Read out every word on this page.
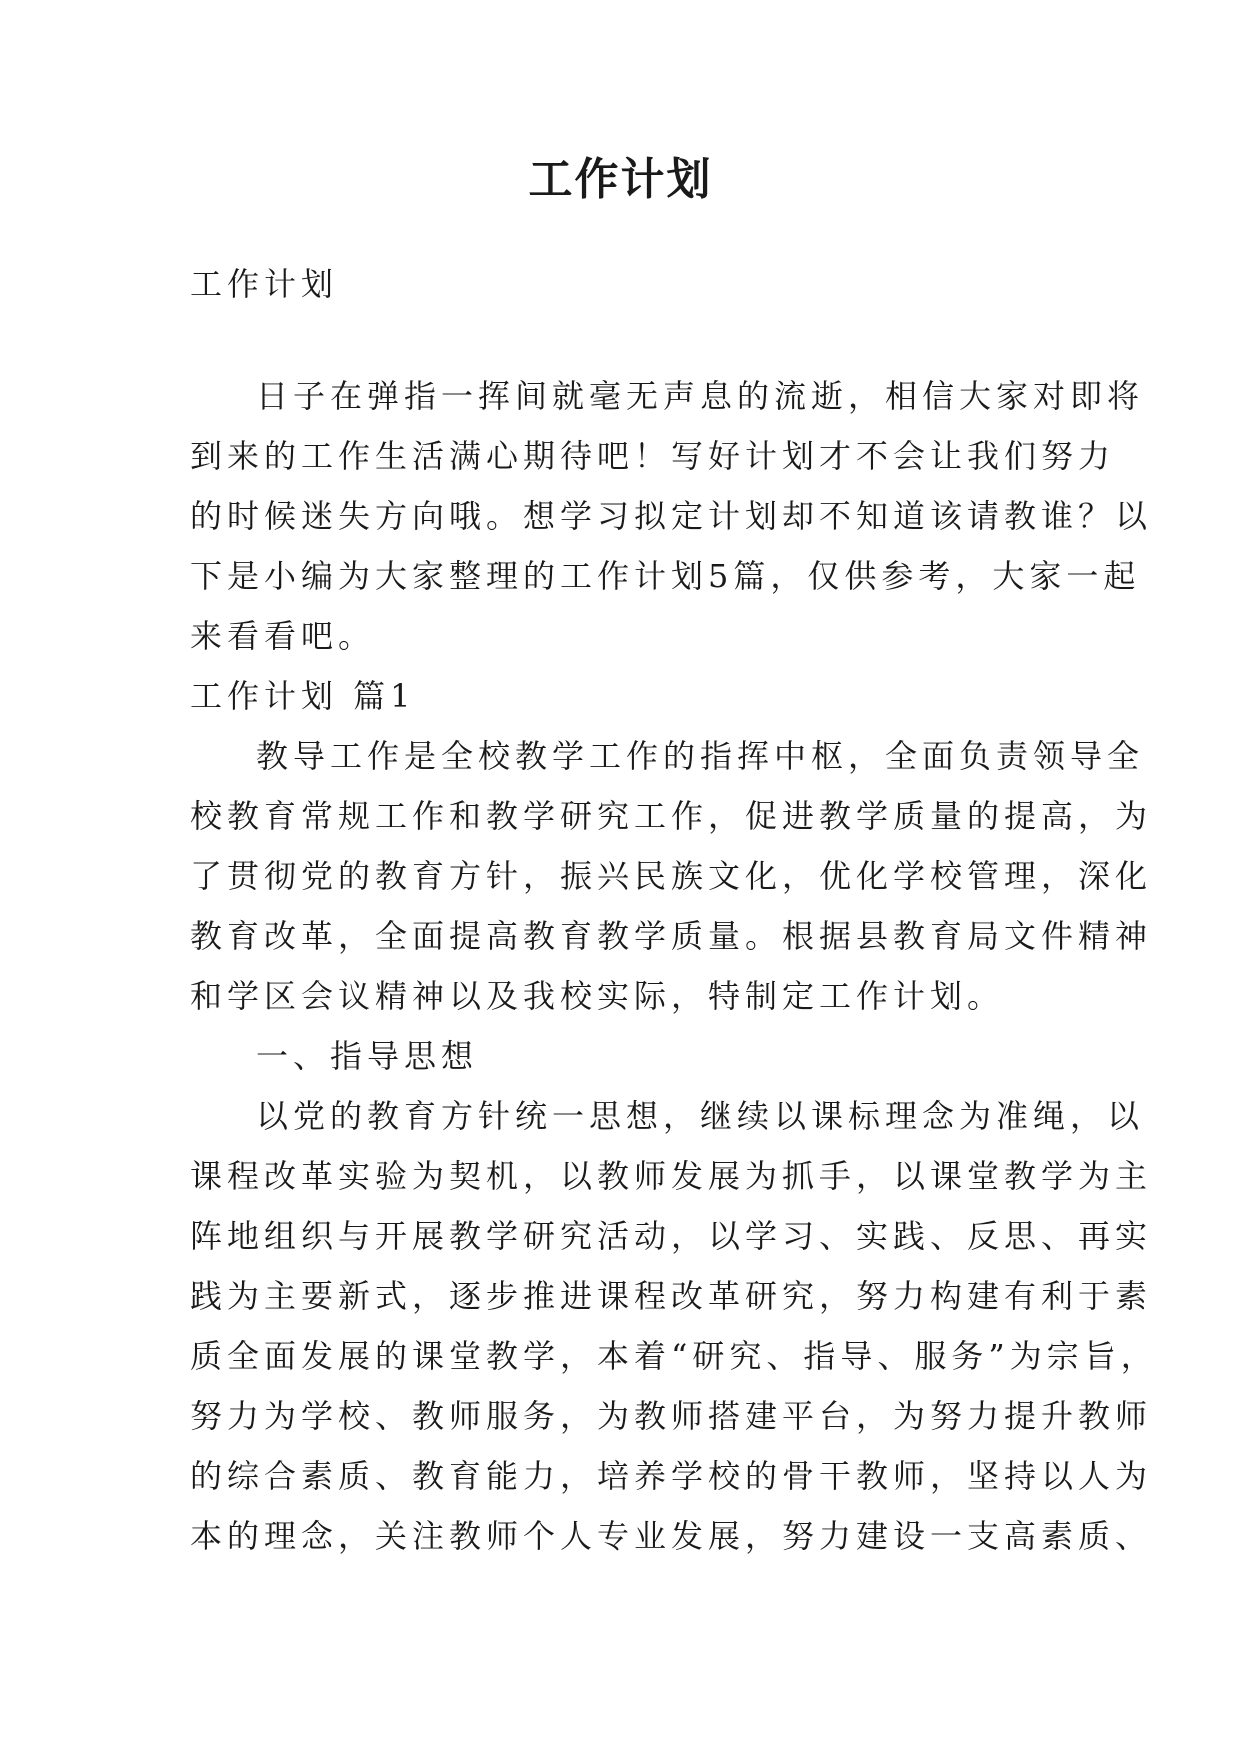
工作计划
工作计划
日子在弹指一挥间就毫无声息的流逝，相信大家对即将
到来的工作生活满心期待吧！写好计划才不会让我们努力
的时候迷失方向哦。想学习拟定计划却不知道该请教谁？以
下是小编为大家整理的工作计划5篇，仅供参考，大家一起
来看看吧。
工作计划 篇1
教导工作是全校教学工作的指挥中枢，全面负责领导全
校教育常规工作和教学研究工作，促进教学质量的提高，为
了贯彻党的教育方针，振兴民族文化，优化学校管理，深化
教育改革，全面提高教育教学质量。根据县教育局文件精神
和学区会议精神以及我校实际，特制定工作计划。
一、指导思想
以党的教育方针统一思想，继续以课标理念为准绳，以
课程改革实验为契机，以教师发展为抓手，以课堂教学为主
阵地组织与开展教学研究活动，以学习、实践、反思、再实
践为主要新式，逐步推进课程改革研究，努力构建有利于素
质全面发展的课堂教学，本着“研究、指导、服务”为宗旨，
努力为学校、教师服务，为教师搭建平台，为努力提升教师
的综合素质、教育能力，培养学校的骨干教师，坚持以人为
本的理念，关注教师个人专业发展，努力建设一支高素质、
